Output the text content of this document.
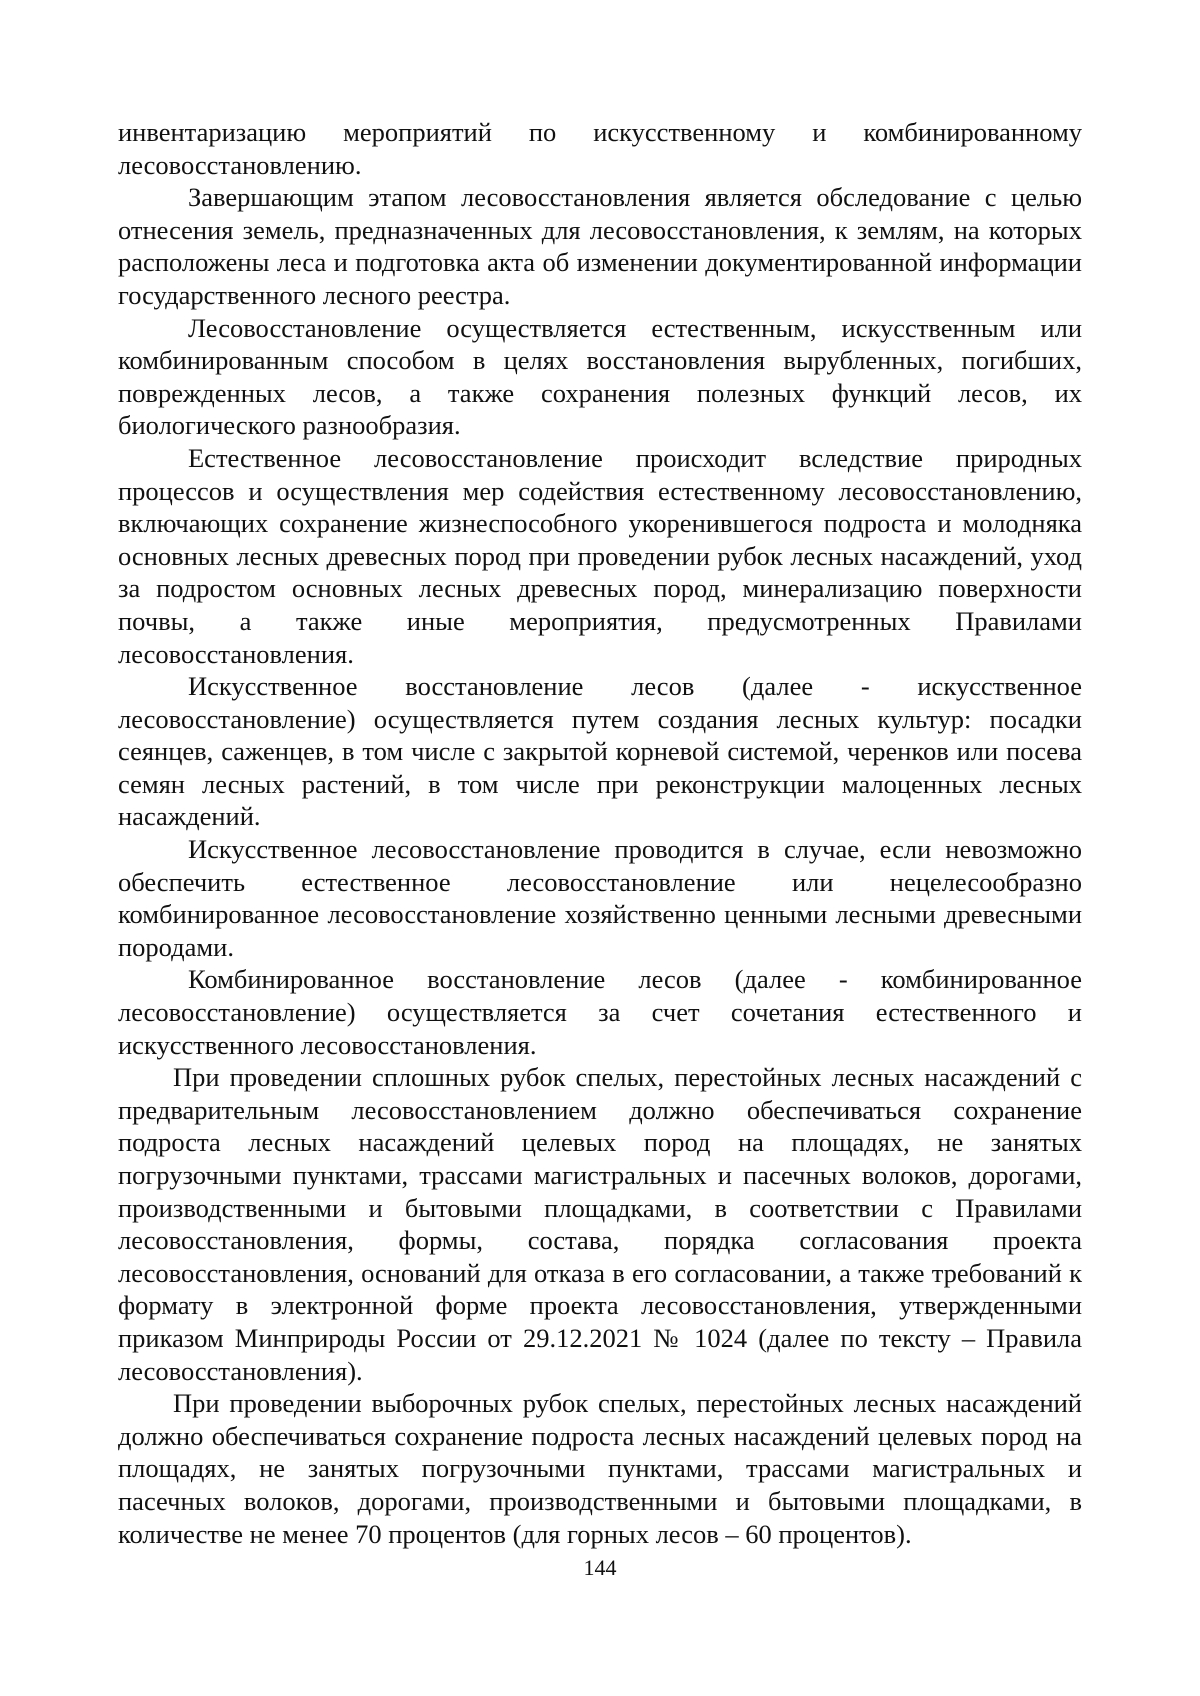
инвентаризацию мероприятий по искусственному и комбинированному лесовосстановлению.

Завершающим этапом лесовосстановления является обследование с целью отнесения земель, предназначенных для лесовосстановления, к землям, на которых расположены леса и подготовка акта об изменении документированной информации государственного лесного реестра.

Лесовосстановление осуществляется естественным, искусственным или комбинированным способом в целях восстановления вырубленных, погибших, поврежденных лесов, а также сохранения полезных функций лесов, их биологического разнообразия.

Естественное лесовосстановление происходит вследствие природных процессов и осуществления мер содействия естественному лесовосстановлению, включающих сохранение жизнеспособного укоренившегося подроста и молодняка основных лесных древесных пород при проведении рубок лесных насаждений, уход за подростом основных лесных древесных пород, минерализацию поверхности почвы, а также иные мероприятия, предусмотренных Правилами лесовосстановления.

Искусственное восстановление лесов (далее - искусственное лесовосстановление) осуществляется путем создания лесных культур: посадки сеянцев, саженцев, в том числе с закрытой корневой системой, черенков или посева семян лесных растений, в том числе при реконструкции малоценных лесных насаждений.

Искусственное лесовосстановление проводится в случае, если невозможно обеспечить естественное лесовосстановление или нецелесообразно комбинированное лесовосстановление хозяйственно ценными лесными древесными породами.

Комбинированное восстановление лесов (далее - комбинированное лесовосстановление) осуществляется за счет сочетания естественного и искусственного лесовосстановления.

При проведении сплошных рубок спелых, перестойных лесных насаждений с предварительным лесовосстановлением должно обеспечиваться сохранение подроста лесных насаждений целевых пород на площадях, не занятых погрузочными пунктами, трассами магистральных и пасечных волоков, дорогами, производственными и бытовыми площадками, в соответствии с Правилами лесовосстановления, формы, состава, порядка согласования проекта лесовосстановления, оснований для отказа в его согласовании, а также требований к формату в электронной форме проекта лесовосстановления, утвержденными приказом Минприроды России от 29.12.2021 № 1024 (далее по тексту – Правила лесовосстановления).

При проведении выборочных рубок спелых, перестойных лесных насаждений должно обеспечиваться сохранение подроста лесных насаждений целевых пород на площадях, не занятых погрузочными пунктами, трассами магистральных и пасечных волоков, дорогами, производственными и бытовыми площадками, в количестве не менее 70 процентов (для горных лесов – 60 процентов).

144
